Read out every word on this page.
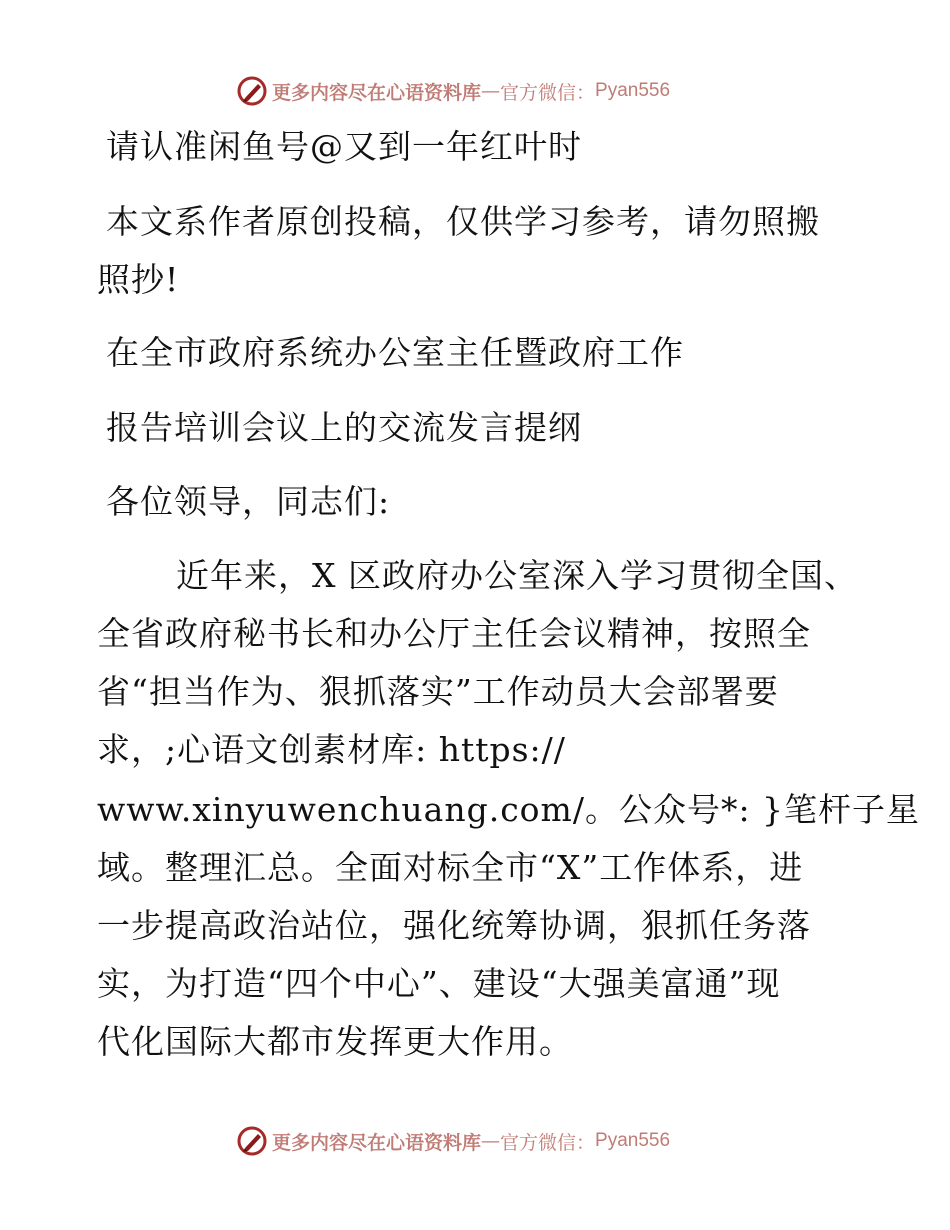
更多内容尽在心语资料库 — 官方微信： Pyan556
请认准闲鱼号@又到一年红叶时
本文系作者原创投稿，仅供学习参考，请勿照搬
照抄!
在全市政府系统办公室主任暨政府工作
报告培训会议上的交流发言提纲
各位领导，同志们:
近年来，X 区政府办公室深入学习贯彻全国、
全省政府秘书长和办公厅主任会议精神，按照全
省“担当作为、狠抓落实”工作动员大会部署要
求，;心语文创素材库: https://
www.xinyuwenchuang.com/。公众号*: }笔杆子星
域。整理汇总。全面对标全市“X”工作体系，进
一步提高政治站位，强化统筹协调，狠抓任务落
实，为打造“四个中心”、建设“大强美富通”现
代化国际大都市发挥更大作用。
更多内容尽在心语资料库 — 官方微信： Pyan556
